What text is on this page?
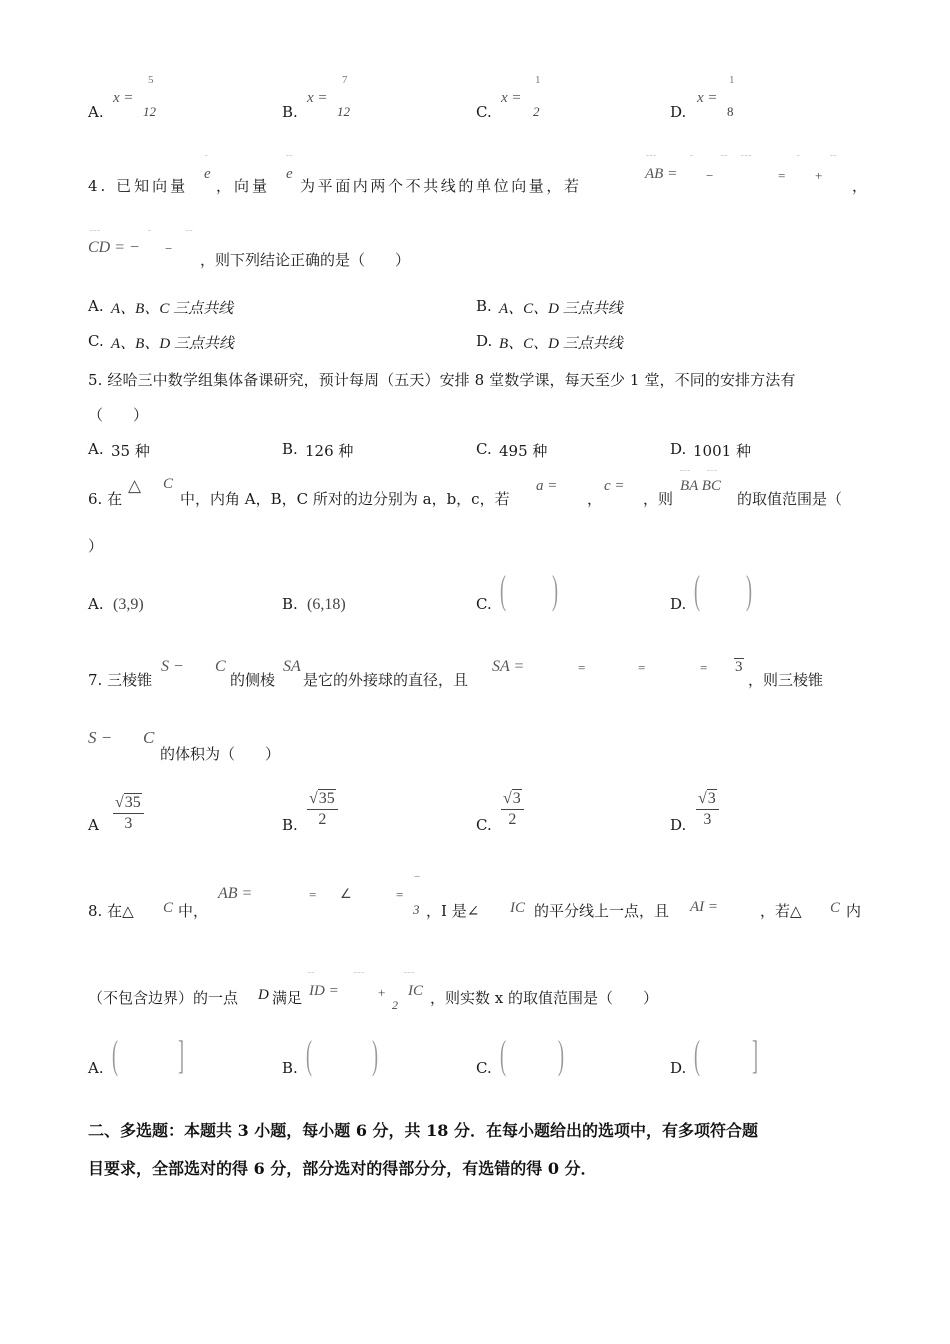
A.
x =
5
12	B.
x =
7
12	C.
x =
1
2	D.
x =
1
8
ˉ	ˉˉ	ˉˉˉ	ˉ	ˉˉ ˉˉˉ	ˉ	ˉˉ
4. 已知向量
e
，向量
e
为平面内两个不共线的单位向量，若
AB = −	= +
，
ˉˉˉ	ˉ	ˉˉ
CD = − −
，则下列结论正确的是（　　）
A. A、B、C 三点共线	B. A、C、D 三点共线
C. A、B、D 三点共线	D. B、C、D 三点共线
5. 经哈三中数学组集体备课研究，预计每周（五天）安排 8 堂数学课，每天至少 1 堂，不同的安排方法有
（　　）
A. 35 种	B. 126 种	C. 495 种	D. 1001 种
ˉˉˉ ˉˉˉ
6. 在
△ C
中，内角 A，B，C 所对的边分别为 a，b，c，若
a =
，
c =
，则
BA BC
的取值范围是（
）
A. (3,9)	B. (6,18)	C. ( )	D. ( )
7. 三棱锥
S − C
的侧棱
SA
是它的外接球的直径，且
SA =	=	=	= 3
，则三棱锥
S − C
的体积为（　　）
A
√35
3	B.
√35
2	C.
√3
2	D.
√3
3
8. 在△ C 中，
AB =	= ∠	=
−
3 ，I 是∠ IC 的平分线上一点，且 AI =	，若△ C 内
ˉˉ	ˉˉˉ	ˉˉˉ
（不包含边界）的一点 D 满足 ID =	+
2
IC ，则实数 x 的取值范围是（　　）
A. ( ]	B. ( )	C. ( )	D. ( ]
二、多选题：本题共 3 小题，每小题 6 分，共 18 分．在每小题给出的选项中，有多项符合题
目要求，全部选对的得 6 分，部分选对的得部分分，有选错的得 0 分．
